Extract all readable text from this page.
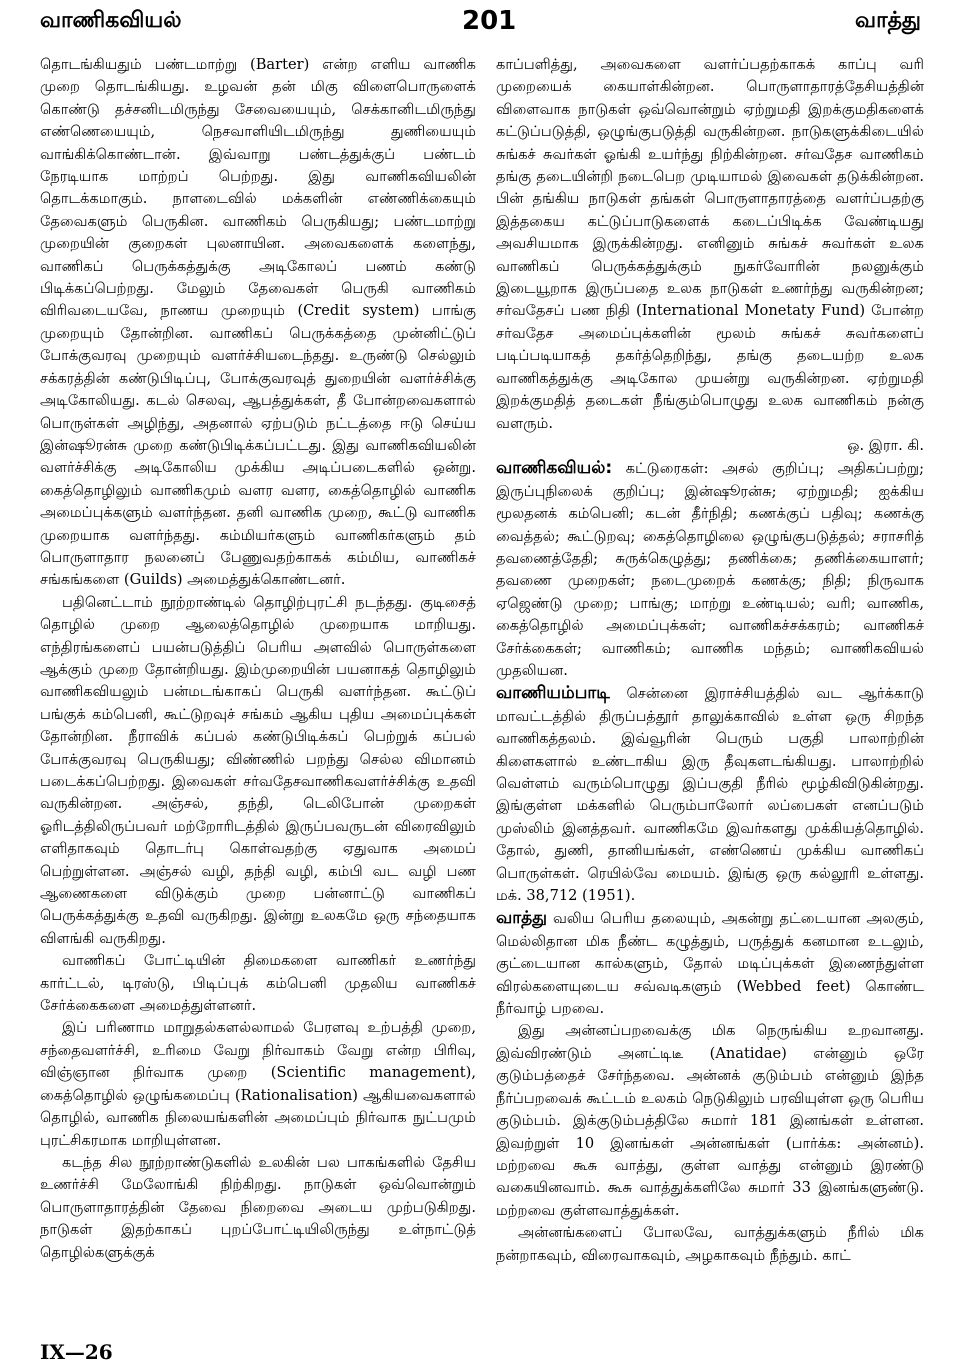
வாணிகவியல்	201	வாத்து

தொடங்கியதும் பண்டமாற்று (Barter) என்ற எளிய வாணிக முறை தொடங்கியது. உழவன் தன் மிகு விளைபொருளைக் கொண்டு தச்சனிடமிருந்து சேவையையும், செக்கானிடமிருந்து எண்ணெயையும், நெசவாளியிடமிருந்து துணியையும் வாங்கிக்கொண்டான். இவ்வாறு பண்டத்துக்குப் பண்டம் நேரடியாக மாற்றப் பெற்றது. இது வாணிகவியலின் தொடக்கமாகும். நாளடைவில் மக்களின் எண்ணிக்கையும் தேவைகளும் பெருகின. வாணிகம் பெருகியது; பண்டமாற்று முறையின் குறைகள் புலனாயின. அவைகளைக் களைந்து, வாணிகப் பெருக்கத்துக்கு அடிகோலப் பணம் கண்டு பிடிக்கப்பெற்றது. மேலும் தேவைகள் பெருகி வாணிகம் விரிவடையவே, நாணய முறையும் (Credit system) பாங்கு முறையும் தோன்றின. வாணிகப் பெருக்கத்தை முன்னிட்டுப் போக்குவரவு முறையும் வளர்ச்சியடைந்தது. உருண்டு செல்லும் சக்கரத்தின் கண்டுபிடிப்பு, போக்குவரவுத் துறையின் வளர்ச்சிக்கு அடிகோலியது. கடல் செலவு, ஆபத்துக்கள், தீ போன்றவைகளால் பொருள்கள் அழிந்து, அதனால் ஏற்படும் நட்டத்தை ஈடு செய்ய இன்ஷூரன்சு முறை கண்டுபிடிக்கப்பட்டது. இது வாணிகவியலின் வளர்ச்சிக்கு அடிகோலிய முக்கிய அடிப்படைகளில் ஒன்று. கைத்தொழிலும் வாணிகமும் வளர வளர, கைத்தொழில் வாணிக அமைப்புக்களும் வளர்ந்தன. தனி வாணிக முறை, கூட்டு வாணிக முறையாக வளர்ந்தது. கம்மியர்களும் வாணிகர்களும் தம் பொருளாதார நலனைப் பேணுவதற்காகக் கம்மிய, வாணிகச் சங்கங்களை (Guilds) அமைத்துக்கொண்டனர்.

பதினெட்டாம் நூற்றாண்டில் தொழிற்புரட்சி நடந்தது. குடிசைத் தொழில் முறை ஆலைத்தொழில் முறையாக மாறியது. எந்திரங்களைப் பயன்படுத்திப் பெரிய அளவில் பொருள்களை ஆக்கும் முறை தோன்றியது. இம்முறையின் பயனாகத் தொழிலும் வாணிகவியலும் பன்மடங்காகப் பெருகி வளர்ந்தன. கூட்டுப் பங்குக் கம்பெனி, கூட்டுறவுச் சங்கம் ஆகிய புதிய அமைப்புக்கள் தோன்றின. நீராவிக் கப்பல் கண்டுபிடிக்கப் பெற்றுக் கப்பல் போக்குவரவு பெருகியது; விண்ணில் பறந்து செல்ல விமானம் படைக்கப்பெற்றது. இவைகள் சர்வதேசவாணிகவளர்ச்சிக்கு உதவி வருகின்றன. அஞ்சல், தந்தி, டெலிபோன் முறைகள் ஓரிடத்திலிருப்பவர் மற்றோரிடத்தில் இருப்பவருடன் விரைவிலும் எளிதாகவும் தொடர்பு கொள்வதற்கு ஏதுவாக அமைப் பெற்றுள்ளன. அஞ்சல் வழி, தந்தி வழி, கம்பி வட வழி பண ஆணைகளை விடுக்கும் முறை பன்னாட்டு வாணிகப் பெருக்கத்துக்கு உதவி வருகிறது. இன்று உலகமே ஒரு சந்தையாக விளங்கி வருகிறது.

வாணிகப் போட்டியின் திமைகளை வாணிகர் உணர்ந்து கார்ட்டல், டிரஸ்டு, பிடிப்புக் கம்பெனி முதலிய வாணிகச் சேர்க்கைகளை அமைத்துள்ளனர்.

இப் பரிணாம மாறுதல்களல்லாமல் பேரளவு உற்பத்தி முறை, சந்தைவளர்ச்சி, உரிமை வேறு நிர்வாகம் வேறு என்ற பிரிவு, விஞ்ஞான நிர்வாக முறை (Scientific management), கைத்தொழில் ஒழுங்கமைப்பு (Rationalisation) ஆகியவைகளால் தொழில், வாணிக நிலையங்களின் அமைப்பும் நிர்வாக நுட்பமும் புரட்சிகரமாக மாறியுள்ளன.

கடந்த சில நூற்றாண்டுகளில் உலகின் பல பாகங்களில் தேசிய உணர்ச்சி மேலோங்கி நிற்கிறது. நாடுகள் ஒவ்வொன்றும் பொருளாதாரத்தின் தேவை நிறைவை அடைய முற்படுகிறது. நாடுகள் இதற்காகப் புறப்போட்டியிலிருந்து உள்நாட்டுத் தொழில்களுக்குக்

காப்பளித்து, அவைகளை வளர்ப்பதற்காகக் காப்பு வரி முறையைக் கையாள்கின்றன. பொருளாதாரத்தேசியத்தின் விளைவாக நாடுகள் ஒவ்வொன்றும் ஏற்றுமதி இறக்குமதிகளைக் கட்டுப்படுத்தி, ஒழுங்குபடுத்தி வருகின்றன. நாடுகளுக்கிடையில் சுங்கச் சுவர்கள் ஓங்கி உயர்ந்து நிற்கின்றன. சர்வதேச வாணிகம் தங்கு தடையின்றி நடைபெற முடியாமல் இவைகள் தடுக்கின்றன. பின் தங்கிய நாடுகள் தங்கள் பொருளாதாரத்தை வளர்ப்பதற்கு இத்தகைய கட்டுப்பாடுகளைக் கடைப்பிடிக்க வேண்டியது அவசியமாக இருக்கின்றது. எனினும் சுங்கச் சுவர்கள் உலக வாணிகப் பெருக்கத்துக்கும் நுகர்வோரின் நலனுக்கும் இடையூறாக இருப்பதை உலக நாடுகள் உணர்ந்து வருகின்றன; சர்வதேசப் பண நிதி (International Monetaty Fund) போன்ற சர்வதேச அமைப்புக்களின் மூலம் சுங்கச் சுவர்களைப் படிப்படியாகத் தகர்த்தெறிந்து, தங்கு தடையற்ற உலக வாணிகத்துக்கு அடிகோல முயன்று வருகின்றன. ஏற்றுமதி இறக்குமதித் தடைகள் நீங்கும்பொழுது உலக வாணிகம் நன்கு வளரும்.

ஒ. இரா. கி.

வாணிகவியல்: கட்டுரைகள்: அசல் குறிப்பு; அதிகப்பற்று; இருப்புநிலைக் குறிப்பு; இன்ஷூரன்சு; ஏற்றுமதி; ஐக்கிய மூலதனக் கம்பெனி; கடன் தீர்நிதி; கணக்குப் பதிவு; கணக்கு வைத்தல்; கூட்டுறவு; கைத்தொழிலை ஒழுங்குபடுத்தல்; சராசரித் தவணைத்தேதி; சுருக்கெழுத்து; தணிக்கை; தணிக்கையாளர்; தவணை முறைகள்; நடைமுறைக் கணக்கு; நிதி; நிருவாக ஏஜெண்டு முறை; பாங்கு; மாற்று உண்டியல்; வரி; வாணிக, கைத்தொழில் அமைப்புக்கள்; வாணிகச்சக்கரம்; வாணிகச் சேர்க்கைகள்; வாணிகம்; வாணிக மந்தம்; வாணிகவியல் முதலியன.

வாணியம்பாடி சென்னை இராச்சியத்தில் வட ஆர்க்காடு மாவட்டத்தில் திருப்பத்தூர் தாலுக்காவில் உள்ள ஒரு சிறந்த வாணிகத்தலம். இவ்வூரின் பெரும் பகுதி பாலாற்றின் கிளைகளால் உண்டாகிய இரு தீவுகளடங்கியது. பாலாற்றில் வெள்ளம் வரும்பொழுது இப்பகுதி நீரில் மூழ்கிவிடுகின்றது. இங்குள்ள மக்களில் பெரும்பாலோர் லப்பைகள் எனப்படும் முஸ்லிம் இனத்தவர். வாணிகமே இவர்களது முக்கியத்தொழில். தோல், துணி, தானியங்கள், எண்ணெய் முக்கிய வாணிகப் பொருள்கள். ரெயில்வே மையம். இங்கு ஒரு கல்லூரி உள்ளது. மக். 38,712 (1951).

வாத்து வலிய பெரிய தலையும், அகன்று தட்டையான அலகும், மெல்லிதான மிக நீண்ட கழுத்தும், பருத்துக் கனமான உடலும், குட்டையான கால்களும், தோல் மடிப்புக்கள் இணைந்துள்ள விரல்களையுடைய சவ்வடிகளும் (Webbed feet) கொண்ட நீர்வாழ் பறவை.

இது அன்னப்பறவைக்கு மிக நெருங்கிய உறவானது. இவ்விரண்டும் அனட்டிடீ (Anatidae) என்னும் ஒரே குடும்பத்தைச் சேர்ந்தவை. அன்னக் குடும்பம் என்னும் இந்த நீர்ப்பறவைக் கூட்டம் உலகம் நெடுகிலும் பரவியுள்ள ஒரு பெரிய குடும்பம். இக்குடும்பத்திலே சுமார் 181 இனங்கள் உள்ளன. இவற்றுள் 10 இனங்கள் அன்னங்கள் (பார்க்க: அன்னம்). மற்றவை கூசு வாத்து, குள்ள வாத்து என்னும் இரண்டு வகையினவாம். கூசு வாத்துக்களிலே சுமார் 33 இனங்களுண்டு. மற்றவை குள்ளவாத்துக்கள்.

அன்னங்களைப் போலவே, வாத்துக்களும் நீரில் மிக நன்றாகவும், விரைவாகவும், அழகாகவும் நீந்தும். காட்

IX—26
